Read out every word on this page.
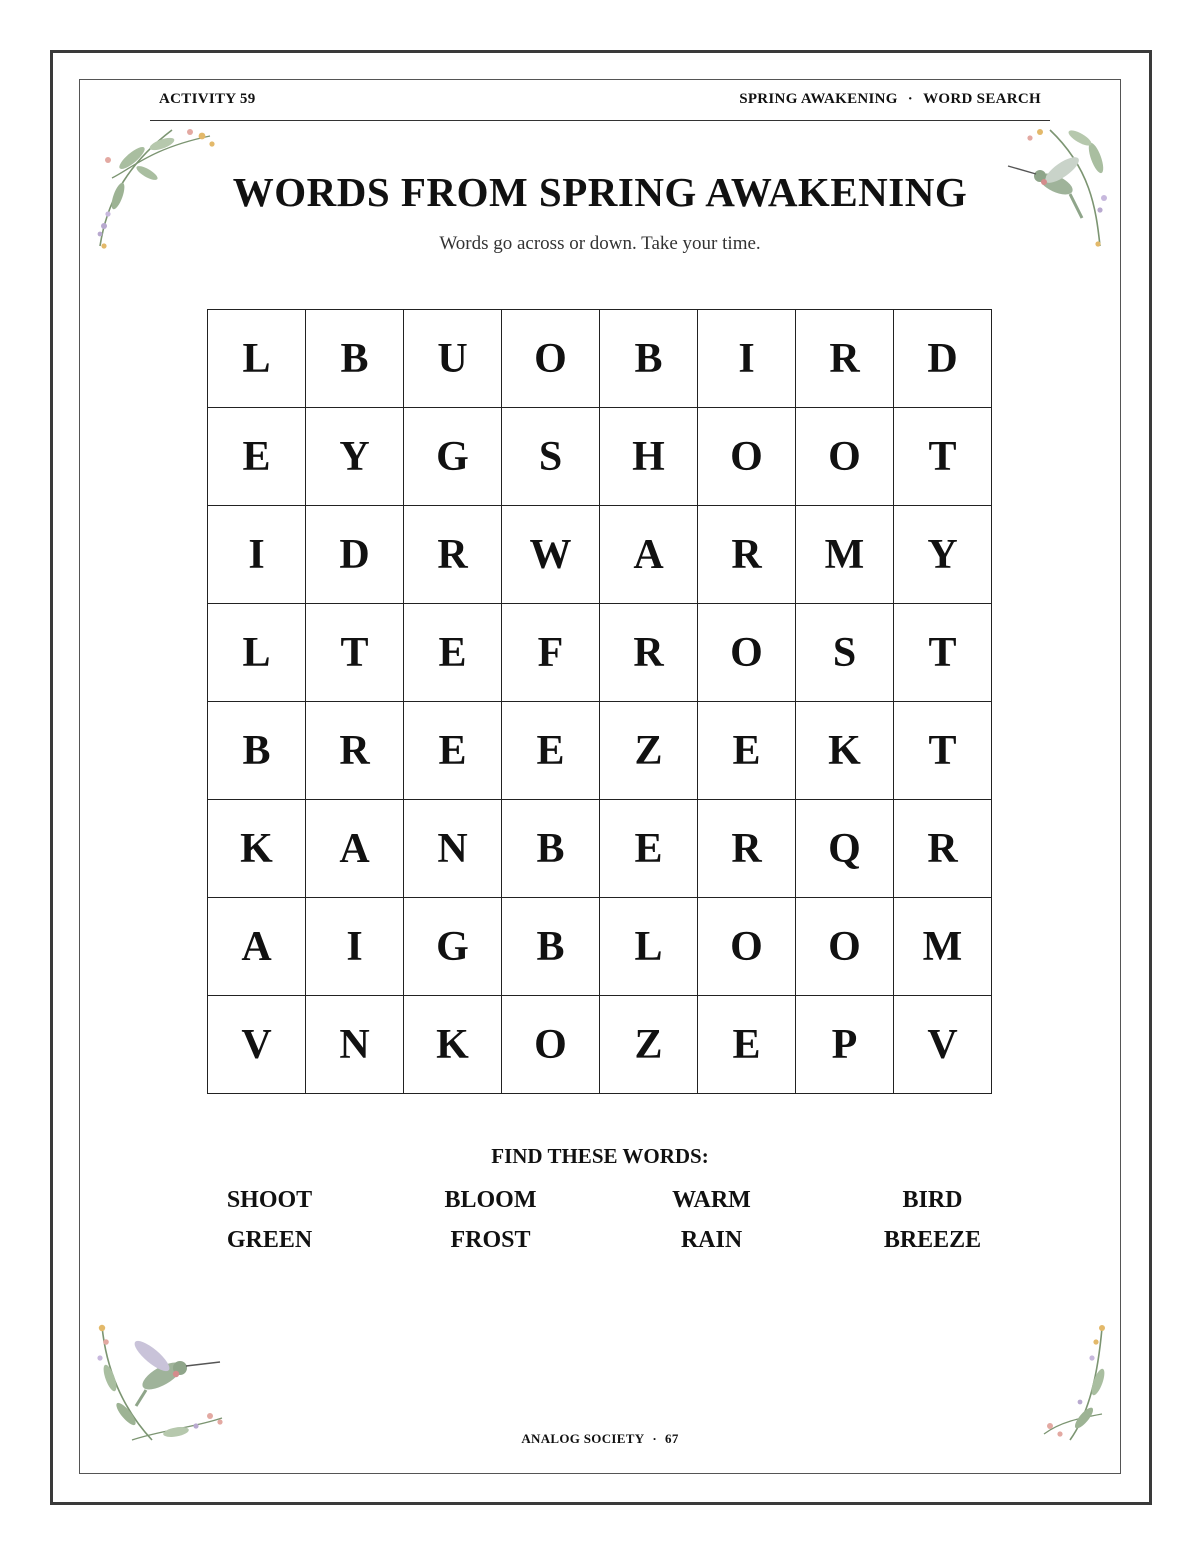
ACTIVITY 59	SPRING AWAKENING · WORD SEARCH
WORDS FROM SPRING AWAKENING
Words go across or down. Take your time.
L	B	U	O	B	I	R	D
E	Y	G	S	H	O	O	T
I	D	R	W	A	R	M	Y
L	T	E	F	R	O	S	T
B	R	E	E	Z	E	K	T
K	A	N	B	E	R	Q	R
A	I	G	B	L	O	O	M
V	N	K	O	Z	E	P	V
FIND THESE WORDS:
SHOOT	BLOOM	WARM	BIRD
GREEN	FROST	RAIN	BREEZE
ANALOG SOCIETY · 67
